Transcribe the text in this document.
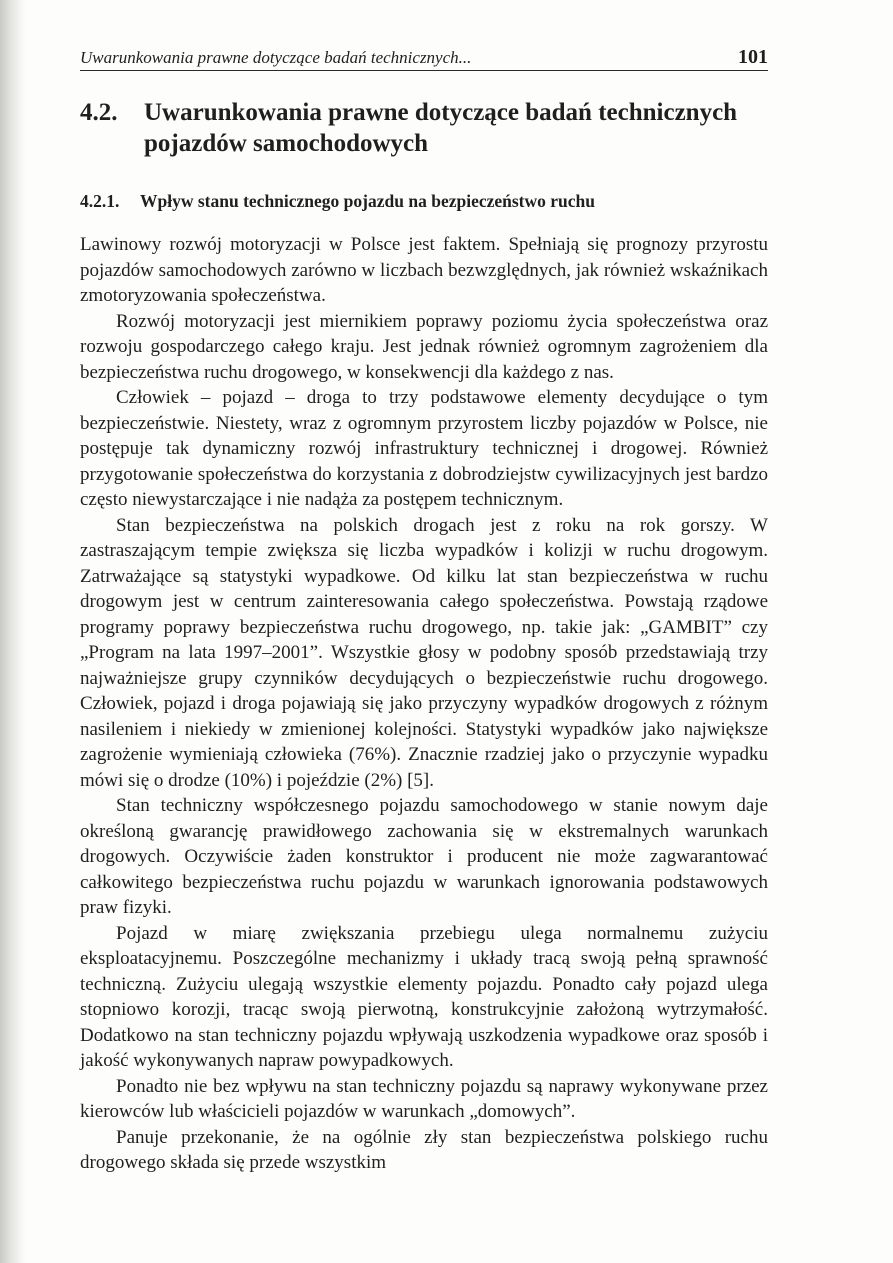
Uwarunkowania prawne dotyczące badań technicznych...	101
4.2.	Uwarunkowania prawne dotyczące badań technicznych pojazdów samochodowych
4.2.1.	Wpływ stanu technicznego pojazdu na bezpieczeństwo ruchu

Lawinowy rozwój motoryzacji w Polsce jest faktem. Spełniają się prognozy przyrostu pojazdów samochodowych zarówno w liczbach bezwzględnych, jak również wskaźnikach zmotoryzowania społeczeństwa.

Rozwój motoryzacji jest miernikiem poprawy poziomu życia społeczeństwa oraz rozwoju gospodarczego całego kraju. Jest jednak również ogromnym zagrożeniem dla bezpieczeństwa ruchu drogowego, w konsekwencji dla każdego z nas.

Człowiek – pojazd – droga to trzy podstawowe elementy decydujące o tym bezpieczeństwie. Niestety, wraz z ogromnym przyrostem liczby pojazdów w Polsce, nie postępuje tak dynamiczny rozwój infrastruktury technicznej i drogowej. Również przygotowanie społeczeństwa do korzystania z dobrodziejstw cywilizacyjnych jest bardzo często niewystarczające i nie nadąża za postępem technicznym.

Stan bezpieczeństwa na polskich drogach jest z roku na rok gorszy. W zastraszającym tempie zwiększa się liczba wypadków i kolizji w ruchu drogowym. Zatrważające są statystyki wypadkowe. Od kilku lat stan bezpieczeństwa w ruchu drogowym jest w centrum zainteresowania całego społeczeństwa. Powstają rządowe programy poprawy bezpieczeństwa ruchu drogowego, np. takie jak: „GAMBIT” czy „Program na lata 1997–2001”. Wszystkie głosy w podobny sposób przedstawiają trzy najważniejsze grupy czynników decydujących o bezpieczeństwie ruchu drogowego. Człowiek, pojazd i droga pojawiają się jako przyczyny wypadków drogowych z różnym nasileniem i niekiedy w zmienionej kolejności. Statystyki wypadków jako największe zagrożenie wymieniają człowieka (76%). Znacznie rzadziej jako o przyczynie wypadku mówi się o drodze (10%) i pojeździe (2%) [5].

Stan techniczny współczesnego pojazdu samochodowego w stanie nowym daje określoną gwarancję prawidłowego zachowania się w ekstremalnych warunkach drogowych. Oczywiście żaden konstruktor i producent nie może zagwarantować całkowitego bezpieczeństwa ruchu pojazdu w warunkach ignorowania podstawowych praw fizyki.

Pojazd w miarę zwiększania przebiegu ulega normalnemu zużyciu eksploatacyjnemu. Poszczególne mechanizmy i układy tracą swoją pełną sprawność techniczną. Zużyciu ulegają wszystkie elementy pojazdu. Ponadto cały pojazd ulega stopniowo korozji, tracąc swoją pierwotną, konstrukcyjnie założoną wytrzymałość. Dodatkowo na stan techniczny pojazdu wpływają uszkodzenia wypadkowe oraz sposób i jakość wykonywanych napraw powypadkowych.

Ponadto nie bez wpływu na stan techniczny pojazdu są naprawy wykonywane przez kierowców lub właścicieli pojazdów w warunkach „domowych”.

Panuje przekonanie, że na ogólnie zły stan bezpieczeństwa polskiego ruchu drogowego składa się przede wszystkim
